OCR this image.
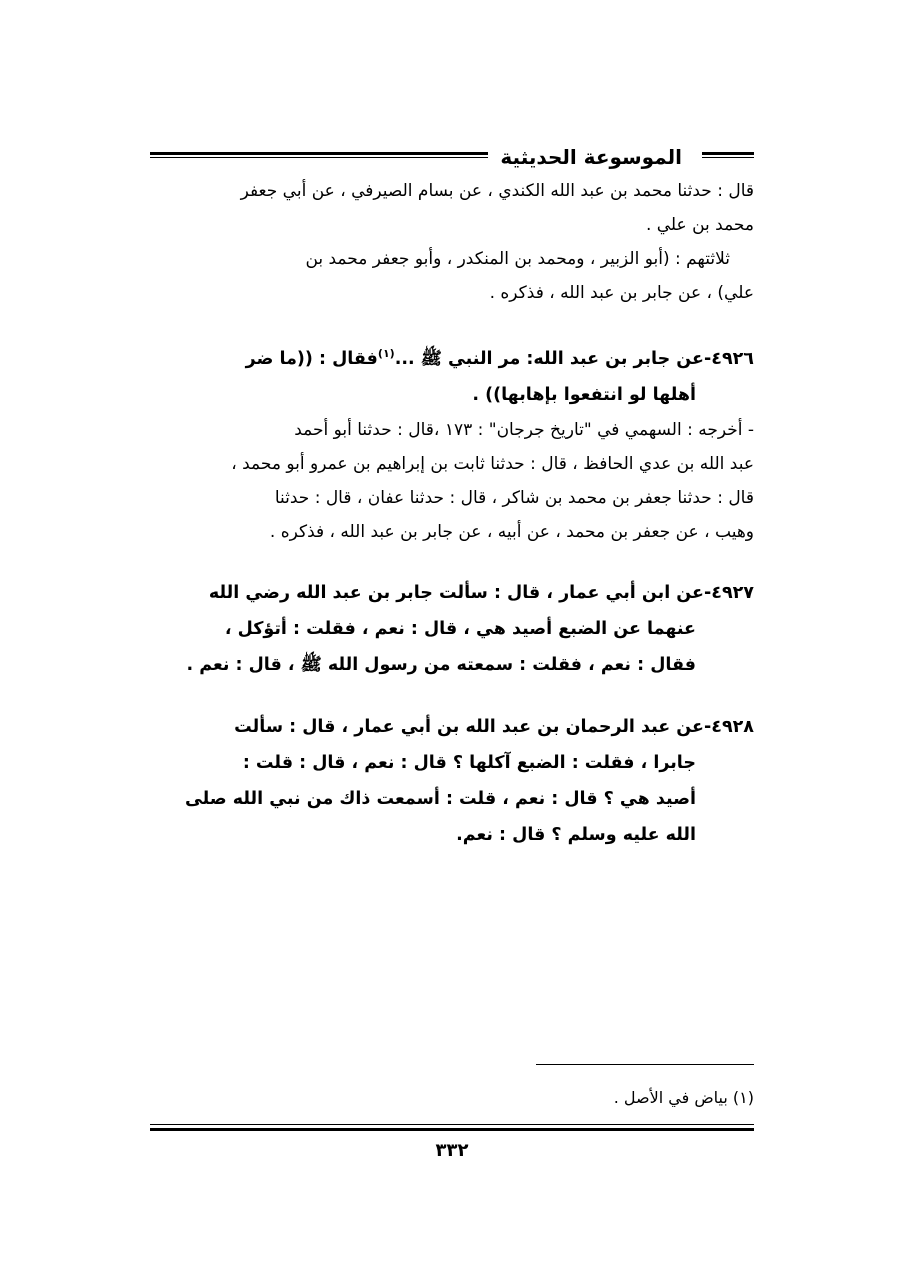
الموسوعة الحديثية

قال : حدثنا محمد بن عبد الله الكندي ، عن بسام الصيرفي ، عن أبي جعفر

محمد بن علي .

ثلاثتهم : (أبو الزبير ، ومحمد بن المنكدر ، وأبو جعفر محمد بن

علي) ، عن جابر بن عبد الله ، فذكره .

٤٩٢٦-عن جابر بن عبد الله: مر النبي ﷺ ...$^{(١)}$فقال : ((ما ضر

أهلها لو انتفعوا بإهابها)) .

- أخرجه : السهمي في "تاريخ جرجان" : ١٧٣ ،قال : حدثنا أبو أحمد

عبد الله بن عدي الحافظ ، قال : حدثنا ثابت بن إبراهيم بن عمرو أبو محمد ،

قال : حدثنا جعفر بن محمد بن شاكر ، قال : حدثنا عفان ، قال : حدثنا

وهيب ، عن جعفر بن محمد ، عن أبيه ، عن جابر بن عبد الله ، فذكره .

٤٩٢٧-عن ابن أبي عمار ، قال : سألت جابر بن عبد الله رضي الله

عنهما عن الضبع أصيد هي ، قال : نعم ، فقلت : أتؤكل ،

فقال : نعم ، فقلت : سمعته من رسول الله ﷺ ، قال : نعم .

٤٩٢٨-عن عبد الرحمان بن عبد الله بن أبي عمار ، قال : سألت

جابرا ، فقلت : الضبع آكلها ؟ قال : نعم ، قال : قلت :

أصيد هي ؟ قال : نعم ، قلت : أسمعت ذاك من نبي الله صلى

الله عليه وسلم ؟ قال : نعم.

(١) بياض في الأصل .
٣٣٢
